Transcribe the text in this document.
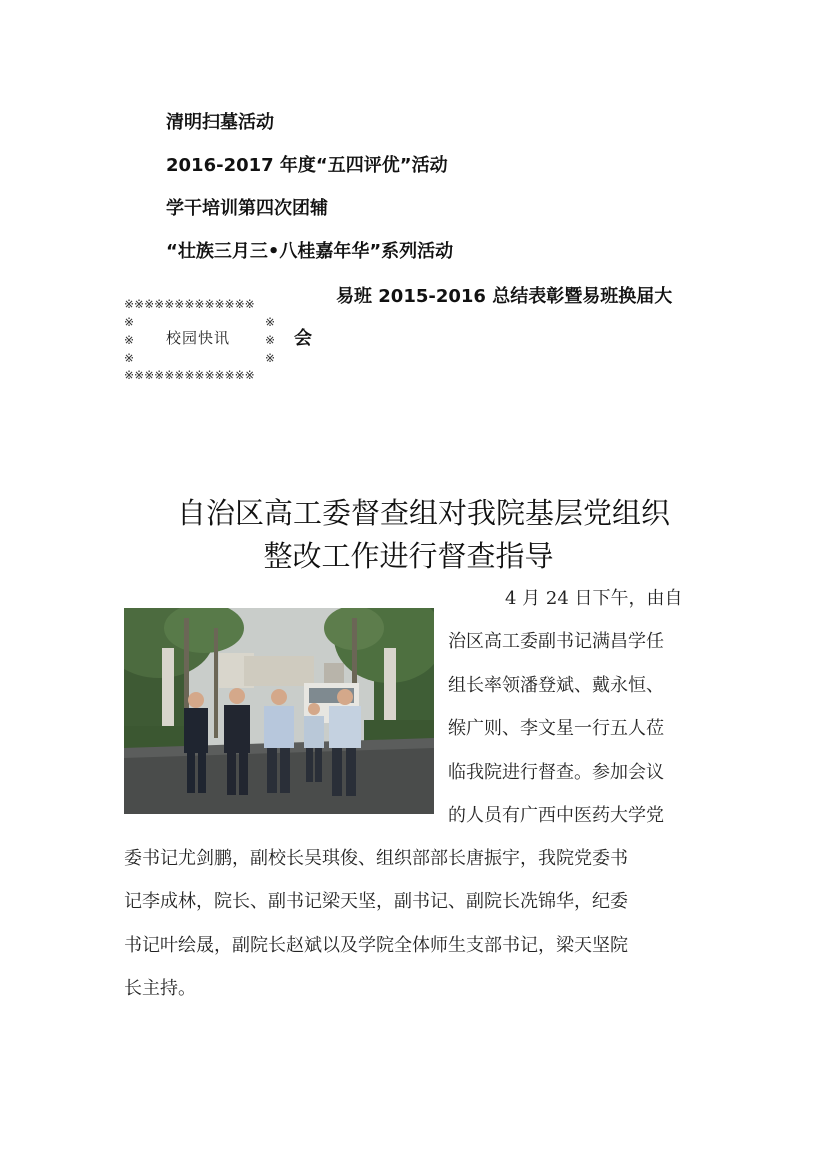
清明扫墓活动
2016-2017 年度“五四评优”活动
学干培训第四次团辅
“壮族三月三•八桂嘉年华”系列活动
易班 2015-2016 总结表彰暨易班换届大
会
※※※※※※※※※※※※※
※
※
※
※
※
※
※※※※※※※※※※※※※
校园快讯
自治区高工委督查组对我院基层党组织
整改工作进行督查指导
4 月 24 日下午，由自
治区高工委副书记满昌学任
组长率领潘登斌、戴永恒、
缑广则、李文星一行五人莅
临我院进行督查。参加会议
的人员有广西中医药大学党
委书记尤剑鹏，副校长吴琪俊、组织部部长唐振宇，我院党委书
记李成林，院长、副书记梁天坚，副书记、副院长冼锦华，纪委
书记叶绘晟，副院长赵斌以及学院全体师生支部书记，梁天坚院
长主持。
